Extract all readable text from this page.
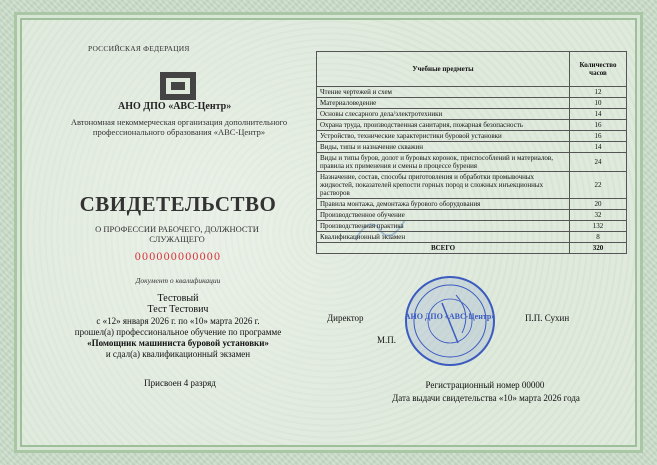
РОССИЙСКАЯ ФЕДЕРАЦИЯ
АНО ДПО «АВС-Центр»
Автономная некоммерческая организация дополнительного профессионального образования «АВС-Центр»
СВИДЕТЕЛЬСТВО
О ПРОФЕССИИ РАБОЧЕГО, ДОЛЖНОСТИ СЛУЖАЩЕГО
000000000000
Документ о квалификации
Тестовый
Тест Тестович
с «12» января 2026 г. по «10» марта 2026 г.
прошел(а) профессиональное обучение по программе
«Помощник машиниста буровой установки»
и сдал(а) квалификационный экзамен
Присвоен 4 разряд
Учебные предметы	Количество часов
Чтение чертежей и схем	12
Материаловедение	10
Основы слесарного дела/электротехники	14
Охрана труда, производственная санитария, пожарная безопасность	16
Устройство, технические характеристики буровой установки	16
Виды, типы и назначение скважин	14
Виды и типы буров, долот и буровых коронок, приспособлений и материалов, правила их применения и смены в процессе бурения	24
Назначение, состав, способы приготовления и обработки промывочных жидкостей, показателей крепости горных пород и сложных инъекционных растворов	22
Правила монтажа, демонтажа бурового оборудования	20
Производственное обучение	32
Производственная практика	132
Квалификационный экзамен	8
ВСЕГО	320
АНО ДПО «АВС-Центр»
Директор
М.П.
П.П. Сухин
Регистрационный номер 00000
Дата выдачи свидетельства «10» марта 2026 года
